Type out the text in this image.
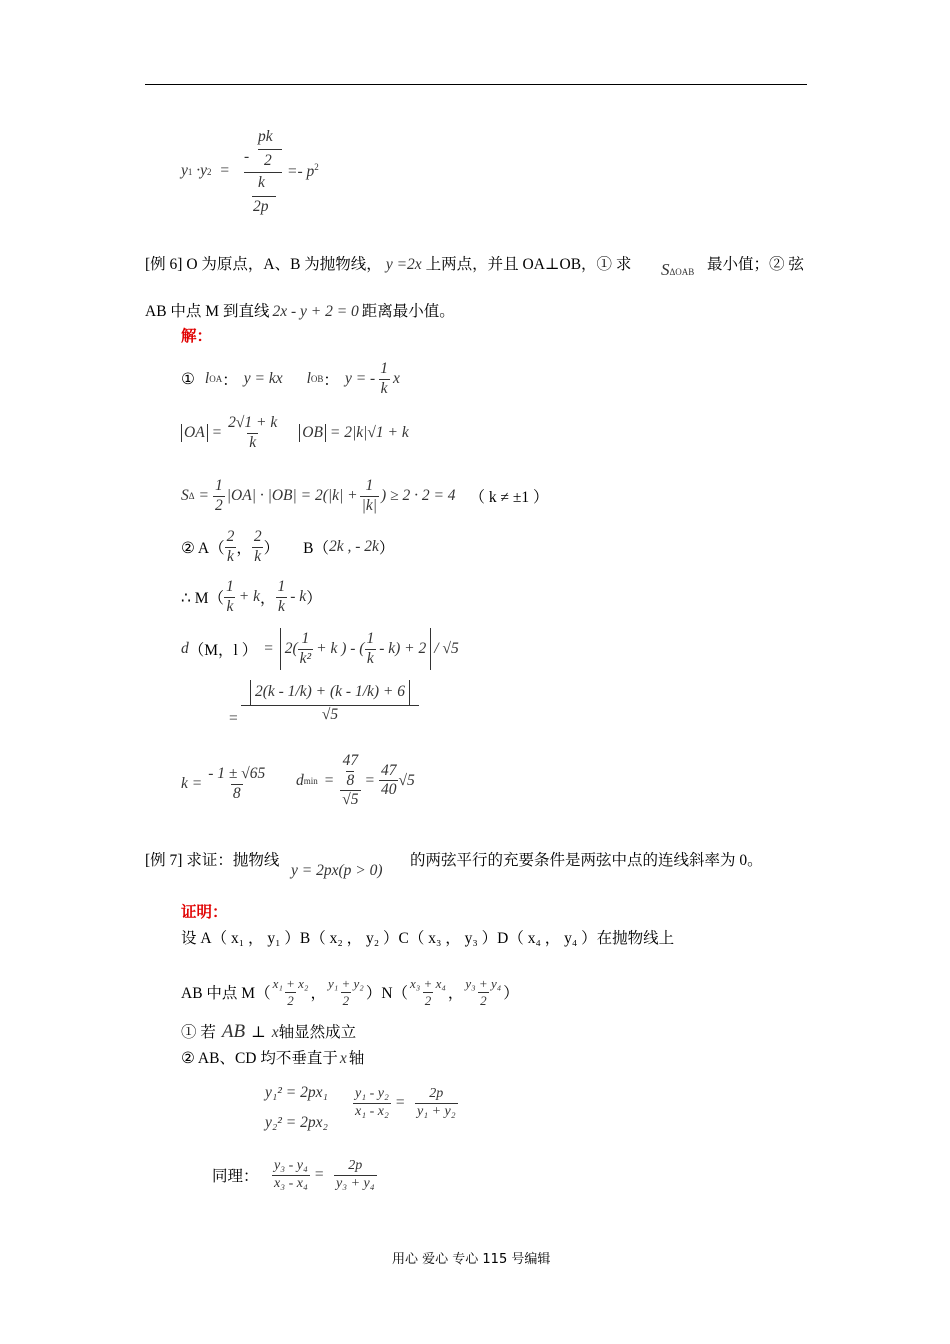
y1 ·y2 =
-
pk
2
k
2p
=- $p^2$
[例 6] O 为原点，A、B 为抛物线， y =2x 上两点，并且 OA⊥OB，① 求 SΔOAB 最小值；② 弦
AB 中点 M 到直线 2x - y + 2 = 0 距离最小值。
解：
① l OA ： y = kx l OB ： y = - $\frac{1}{k}$ x
OA = $\frac{2√1 + k}{k}$ OB = 2|k|√1 + k
S $\Delta = \frac{1}{2} |OA| \cdot |OB| = 2(|k| + \frac{1}{|k|}$ ) ≥ 2 · 2 = 4 （ k ≠ ±1 ）
② $A( \frac{2}{k}$ ， $\frac{2}{k}$ ） B（ 2k , - 2k ）
∴ $M( \frac{1}{k} + k$ ， $\frac{1}{k}$ - k ）
d （M，l ） = $2( \frac{1}{\text{k²}} + k$ ) - ( $\frac{1}{k} - k) + 2 / √5$
= $\frac{2(k - 1/k) + (k - 1/k) + 6}{√5}$
$k = \frac{- 1 \pm √65}{8}$ d min = 47
8
$√5 = \frac{47}{40} √5$
[例 7] 求证：抛物线
y = 2px(p > 0)
的两弦平行的充要条件是两弦中点的连线斜率为 0。
证明：
设 A（ x₁ ， y₁ ）B（ x₂ ， y₂ ）C（ x₃ ， y₃ ）D（ x₄ ， y₄ ）在抛物线上
AB 中点 $M( \frac{\text{x₁ + x₂}}{2}$ ， $\frac{\text{y₁ + y₂}}{2} )N( \frac{\text{x₃ + x₄}}{2}$ ， $\frac{\text{y₃ + y₄}}{2}$ ）
① 若 AB ⊥ x 轴显然成立
② AB、CD 均不垂直于 x 轴
y₁² = 2px₁
y₂² = 2px₂
$\frac{\text{y₁ - y₂}}{\text{x₁ - x₂}} = \frac{2p}{\text{y₁ + y₂}}$
同理： $\frac{\text{y₃ - y₄}}{\text{x₃ - x₄}} = \frac{2p}{\text{y₃ + y₄}}$
用心 爱心 专心 115 号编辑
